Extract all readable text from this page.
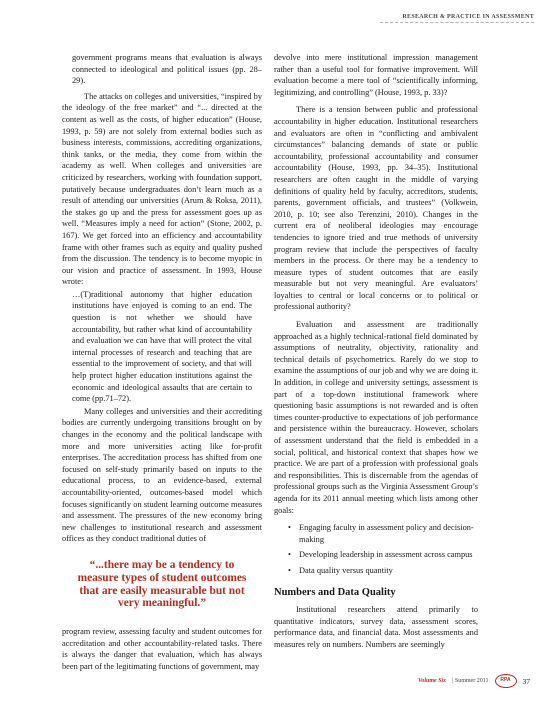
RESEARCH & PRACTICE IN ASSESSMENT

government programs means that evaluation is always connected to ideological and political issues (pp. 28–29).

The attacks on colleges and universities, “inspired by the ideology of the free market” and “... directed at the content as well as the costs, of higher education” (House, 1993, p. 59) are not solely from external bodies such as business interests, commissions, accrediting organizations, think tanks, or the media, they come from within the academy as well. When colleges and universities are criticized by researchers, working with foundation support, putatively because undergraduates don’t learn much as a result of attending our universities (Arum & Roksa, 2011), the stakes go up and the press for assessment goes up as well. “Measures imply a need for action” (Stone, 2002, p. 167). We get forced into an efficiency and accountability frame with other frames such as equity and quality pushed from the discussion. The tendency is to become myopic in our vision and practice of assessment. In 1993, House wrote:

…(T)raditional autonomy that higher education institutions have enjoyed is coming to an end. The question is not whether we should have accountability, but rather what kind of accountability and evaluation we can have that will protect the vital internal processes of research and teaching that are essential to the improvement of society, and that will help protect higher education institutions against the economic and ideological assaults that are certain to come (pp.71–72).

Many colleges and universities and their accrediting bodies are currently undergoing transitions brought on by changes in the economy and the political landscape with more and more universities acting like for-profit enterprises. The accreditation process has shifted from one focused on self-study primarily based on inputs to the educational process, to an evidence-based, external accountability-oriented, outcomes-based model which focuses significantly on student learning outcome measures and assessment. The pressures of the new economy bring new challenges to institutional research and assessment offices as they conduct traditional duties of

“...there may be a tendency to measure types of student outcomes that are easily measurable but not very meaningful.”

program review, assessing faculty and student outcomes for accreditation and other accountability-related tasks. There is always the danger that evaluation, which has always been part of the legitimating functions of government, may

devolve into mere institutional impression management rather than a useful tool for formative improvement. Will evaluation become a mere tool of “scientifically informing, legitimizing, and controlling” (House, 1993, p. 33)?

There is a tension between public and professional accountability in higher education. Institutional researchers and evaluators are often in “conflicting and ambivalent circumstances” balancing demands of state or public accountability, professional accountability and consumer accountability (House, 1993, pp. 34–35). Institutional researchers are often caught in the middle of varying definitions of quality held by faculty, accreditors, students, parents, government officials, and trustees” (Volkwein, 2010, p. 10; see also Terenzini, 2010). Changes in the current era of neoliberal ideologies may encourage tendencies to ignore tried and true methods of university program review that include the perspectives of faculty members in the process. Or there may be a tendency to measure types of student outcomes that are easily measurable but not very meaningful. Are evaluators’ loyalties to central or local concerns or to political or professional authority?

Evaluation and assessment are traditionally approached as a highly technical-rational field dominated by assumptions of neutrality, objectivity, rationality and technical details of psychometrics. Rarely do we stop to examine the assumptions of our job and why we are doing it. In addition, in college and university settings, assessment is part of a top-down institutional framework where questioning basic assumptions is not rewarded and is often times counter-productive to expectations of job performance and persistence within the bureaucracy. However, scholars of assessment understand that the field is embedded in a social, political, and historical context that shapes how we practice. We are part of a profession with professional goals and responsibilities. This is discernable from the agendas of professional groups such as the Virginia Assessment Group’s agenda for its 2011 annual meeting which lists among other goals:

• Engaging faculty in assessment policy and decision-making
• Developing leadership in assessment across campus
• Data quality versus quantity
Numbers and Data Quality

Institutional researchers attend primarily to quantitative indicators, survey data, assessment scores, performance data, and financial data. Most assessments and measures rely on numbers. Numbers are seemingly

Volume Six | Summer 2011	RPA	37
